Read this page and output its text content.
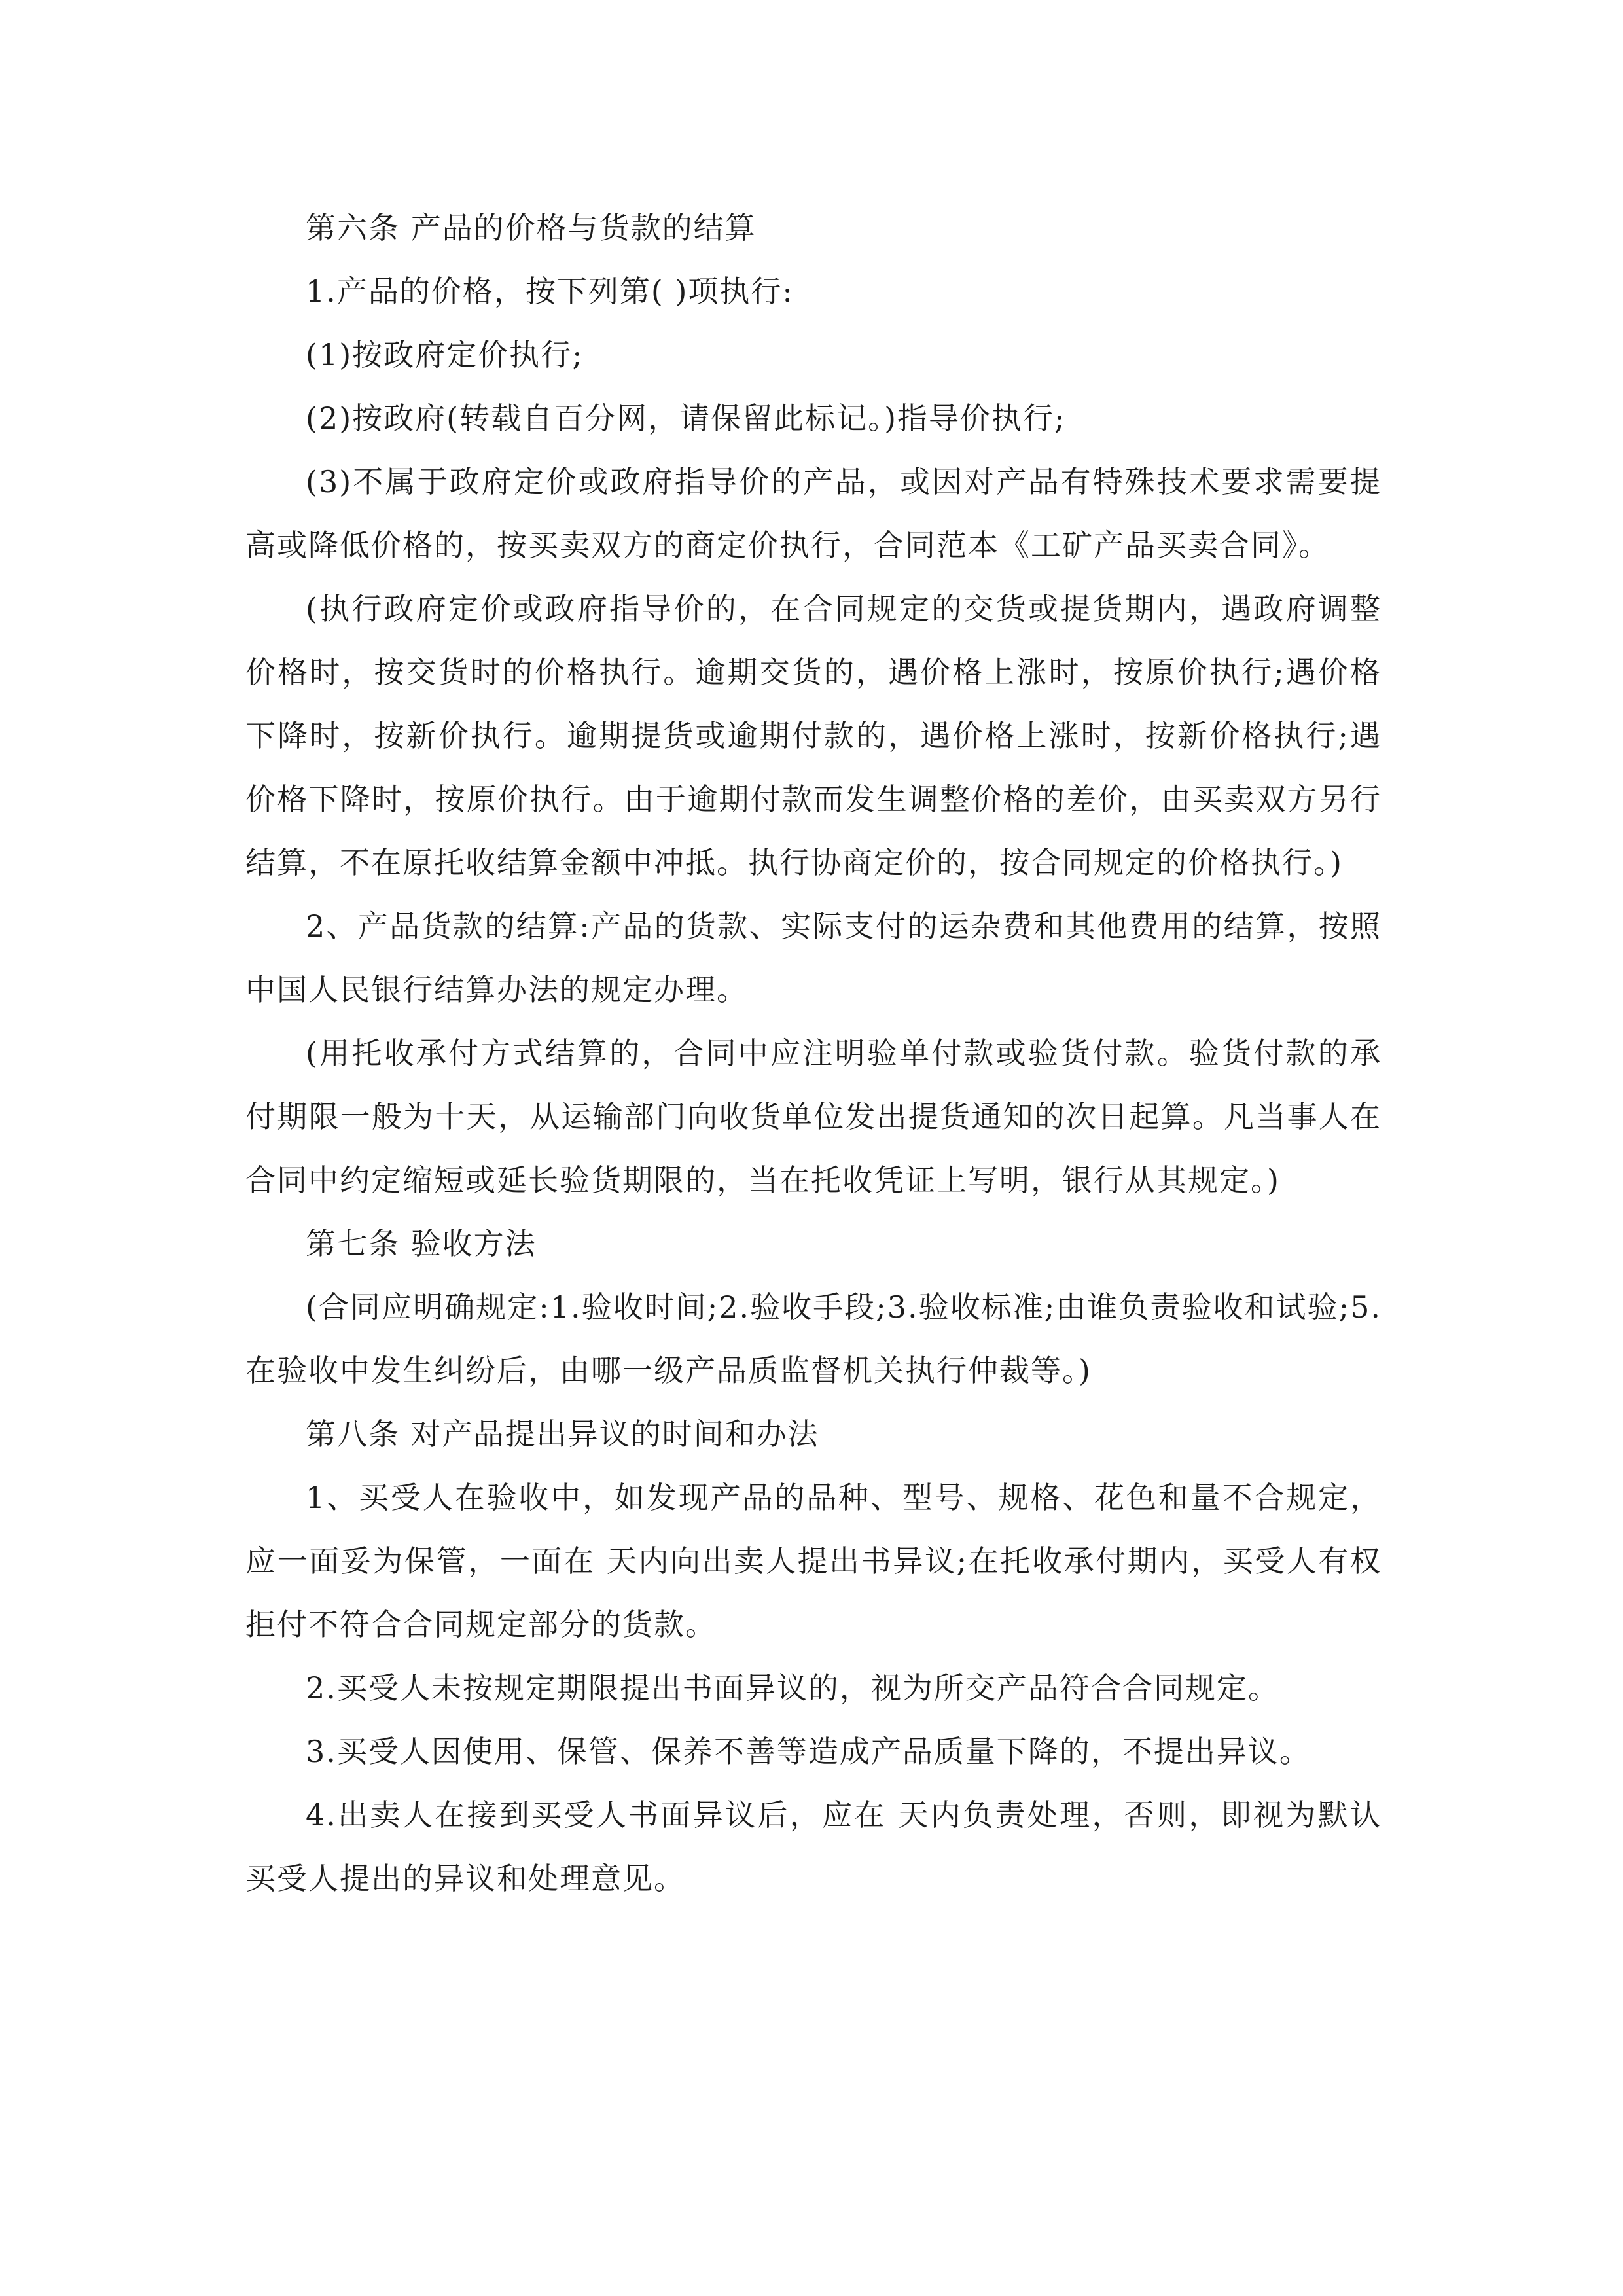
第六条 产品的价格与货款的结算

1.产品的价格，按下列第( )项执行:

(1)按政府定价执行;

(2)按政府(转载自百分网，请保留此标记。)指导价执行;

(3)不属于政府定价或政府指导价的产品，或因对产品有特殊技术要求需要提高或降低价格的，按买卖双方的商定价执行，合同范本《工矿产品买卖合同》。

(执行政府定价或政府指导价的，在合同规定的交货或提货期内，遇政府调整价格时，按交货时的价格执行。逾期交货的，遇价格上涨时，按原价执行;遇价格下降时，按新价执行。逾期提货或逾期付款的，遇价格上涨时，按新价格执行;遇价格下降时，按原价执行。由于逾期付款而发生调整价格的差价，由买卖双方另行结算，不在原托收结算金额中冲抵。执行协商定价的，按合同规定的价格执行。)

2、产品货款的结算:产品的货款、实际支付的运杂费和其他费用的结算，按照中国人民银行结算办法的规定办理。

(用托收承付方式结算的，合同中应注明验单付款或验货付款。验货付款的承付期限一般为十天，从运输部门向收货单位发出提货通知的次日起算。凡当事人在合同中约定缩短或延长验货期限的，当在托收凭证上写明，银行从其规定。)

第七条 验收方法

(合同应明确规定:1.验收时间;2.验收手段;3.验收标准;由谁负责验收和试验;5.在验收中发生纠纷后，由哪一级产品质监督机关执行仲裁等。)

第八条 对产品提出异议的时间和办法

1、买受人在验收中，如发现产品的品种、型号、规格、花色和量不合规定，应一面妥为保管，一面在 天内向出卖人提出书异议;在托收承付期内，买受人有权拒付不符合合同规定部分的货款。

2.买受人未按规定期限提出书面异议的，视为所交产品符合合同规定。

3.买受人因使用、保管、保养不善等造成产品质量下降的，不提出异议。

4.出卖人在接到买受人书面异议后，应在 天内负责处理，否则，即视为默认买受人提出的异议和处理意见。
